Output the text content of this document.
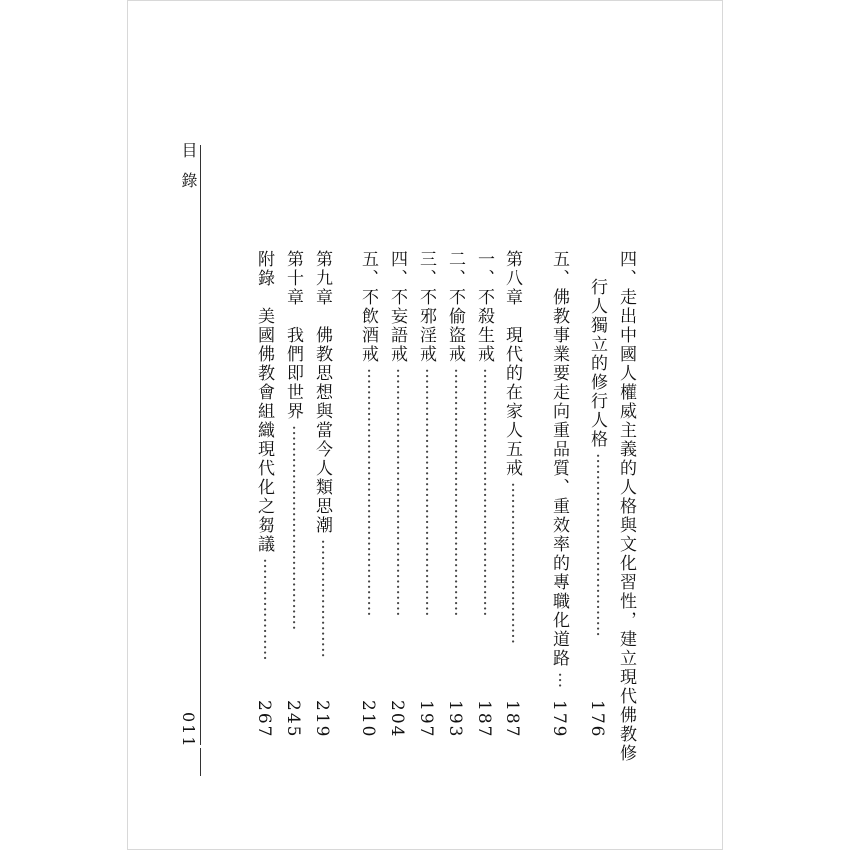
目錄
011	四、走出中國人權威主義的人格與文化習性，建立現代佛教修
行人獨立的修行人格
176
··································
五、佛教事業要走向重品質、重效率的專職化道路
179
···
第八章　現代的在家人五戒
187
······························
一、不殺生戒
187
··············································
二、不偷盜戒
193
··············································
三、不邪淫戒
197
··············································
四、不妄語戒
204
··············································
五、不飲酒戒
210
··············································
第九章　佛教思想與當今人類思潮
219
······················
第十章　我們即世界
245
······································
附錄　美國佛教會組織現代化之芻議
267
···················
